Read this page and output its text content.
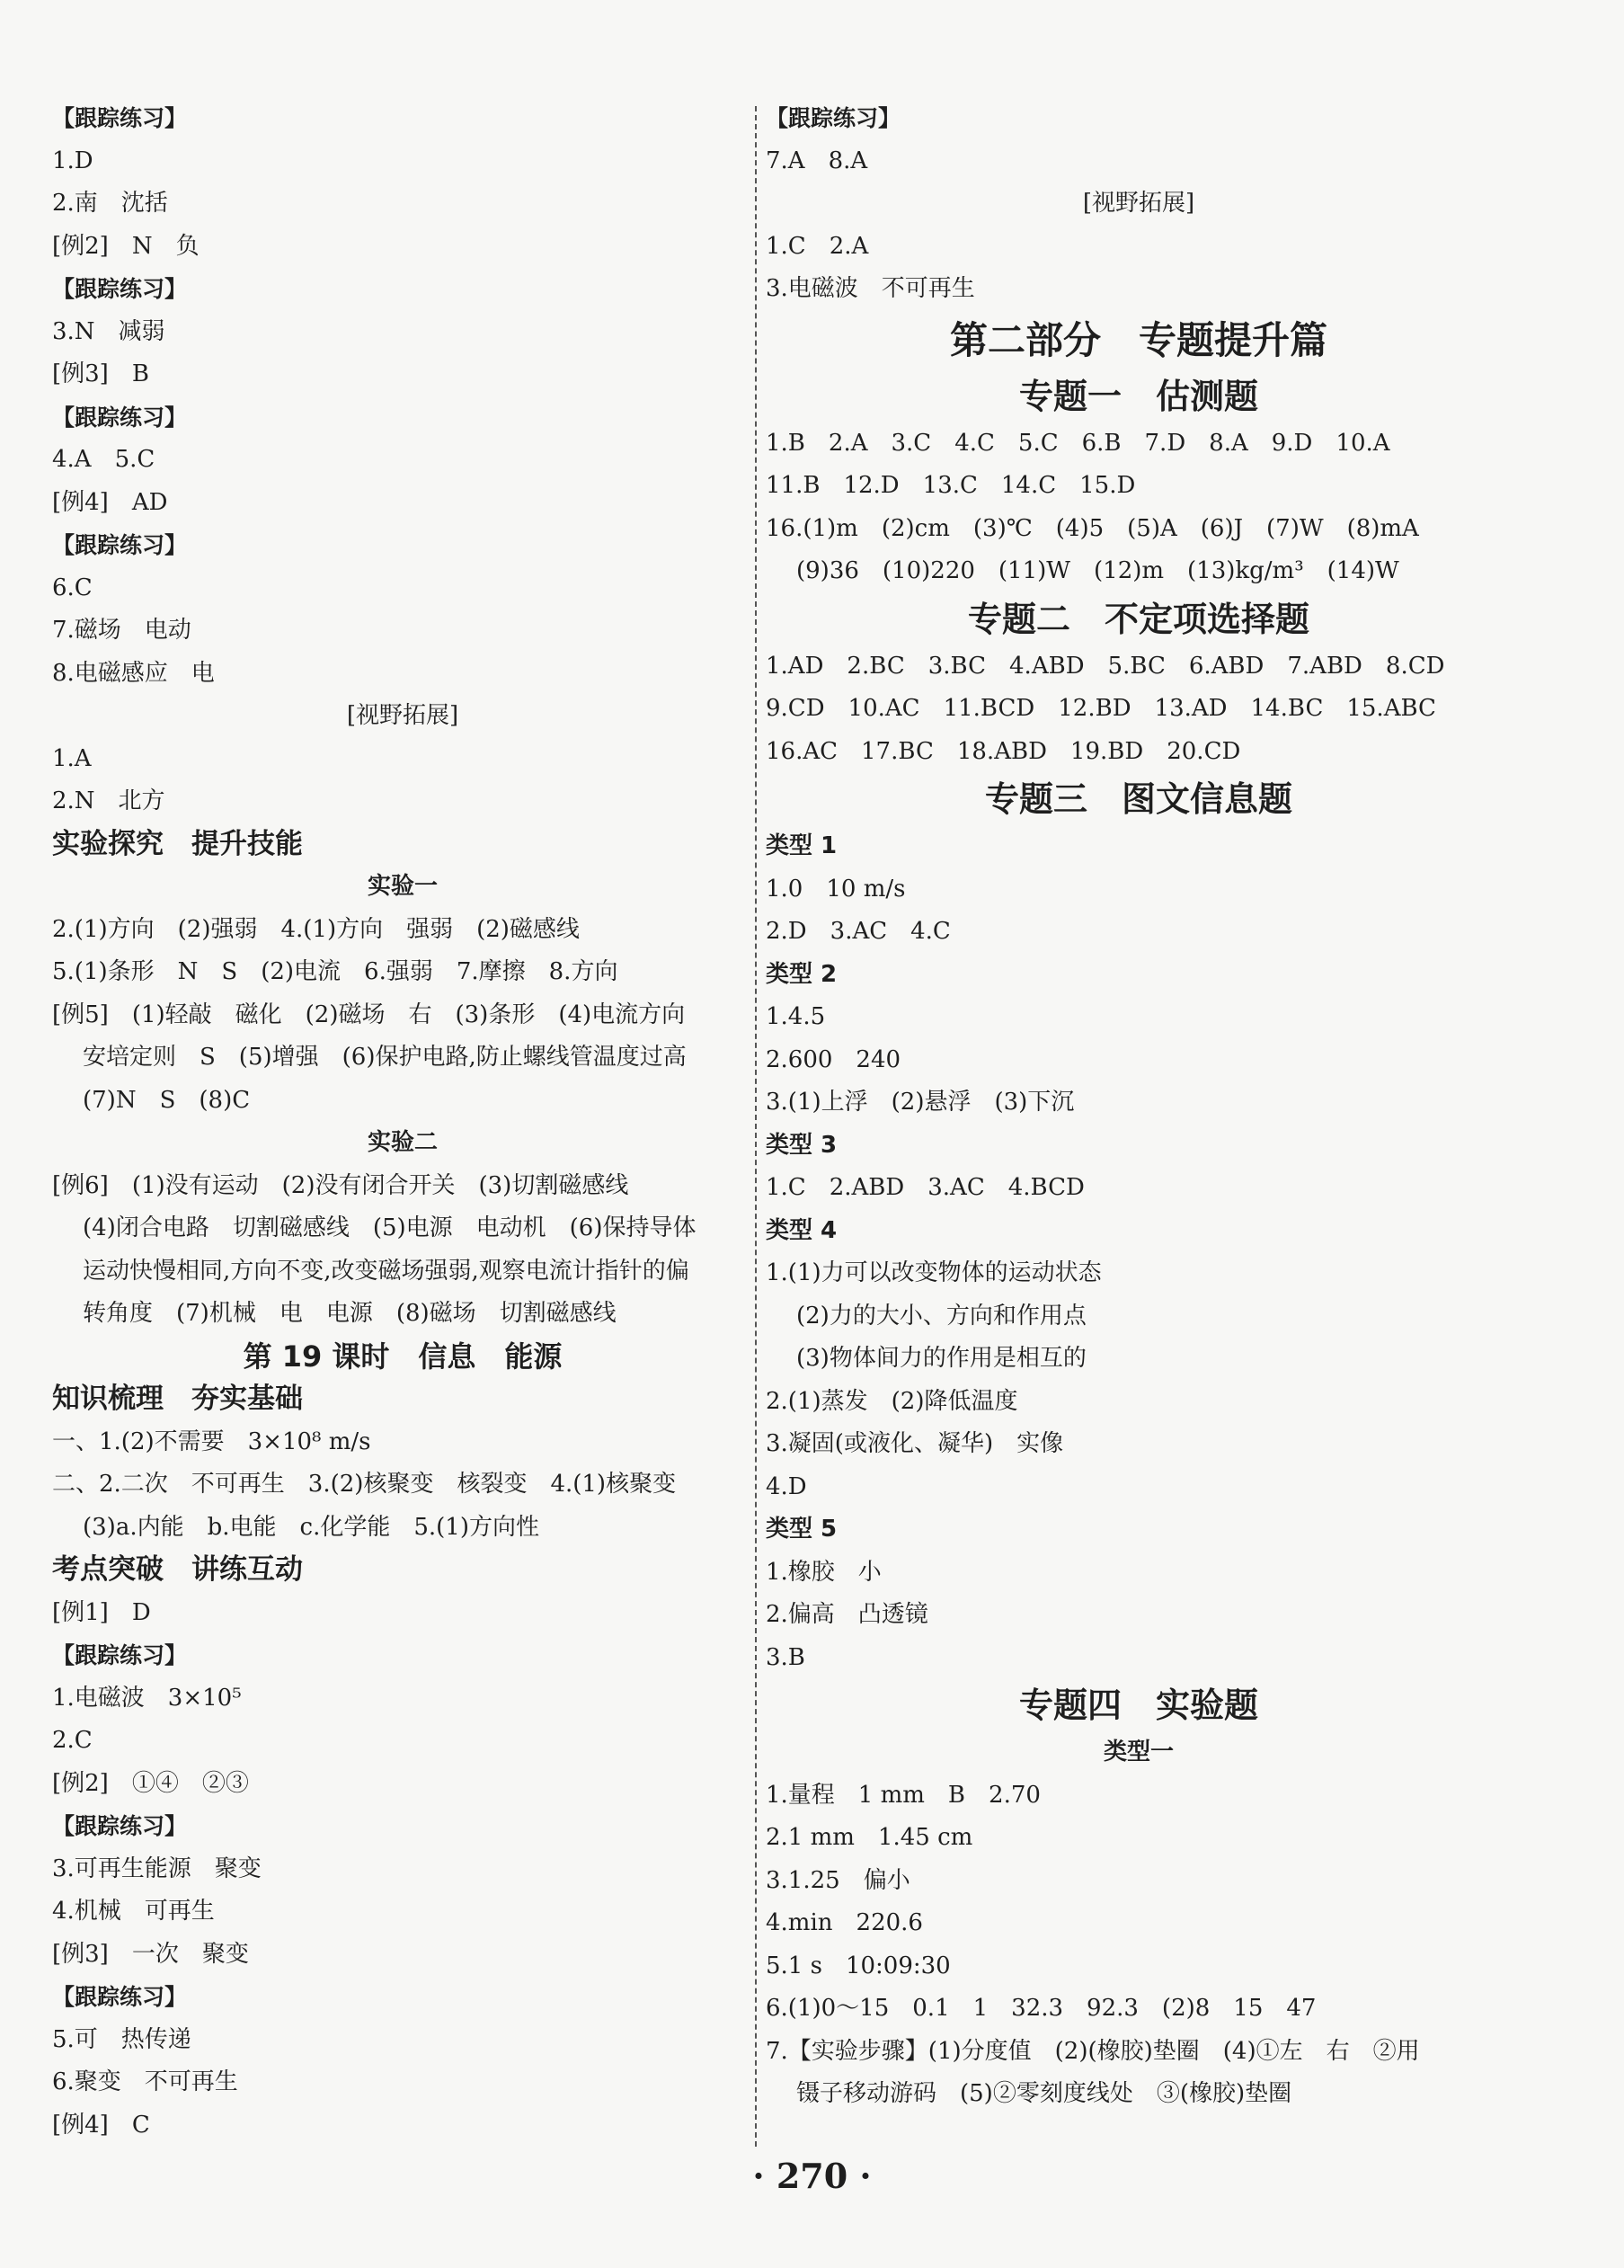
【跟踪练习】
1.D
2.南　沈括
[例2]　N　负
【跟踪练习】
3.N　减弱
[例3]　B
【跟踪练习】
4.A　5.C
[例4]　AD
【跟踪练习】
6.C
7.磁场　电动
8.电磁感应　电
[视野拓展]
1.A
2.N　北方
实验探究　提升技能
实验一
2.(1)方向　(2)强弱　4.(1)方向　强弱　(2)磁感线
5.(1)条形　N　S　(2)电流　6.强弱　7.摩擦　8.方向
[例5]　(1)轻敲　磁化　(2)磁场　右　(3)条形　(4)电流方向
安培定则　S　(5)增强　(6)保护电路,防止螺线管温度过高
(7)N　S　(8)C
实验二
[例6]　(1)没有运动　(2)没有闭合开关　(3)切割磁感线
(4)闭合电路　切割磁感线　(5)电源　电动机　(6)保持导体
运动快慢相同,方向不变,改变磁场强弱,观察电流计指针的偏
转角度　(7)机械　电　电源　(8)磁场　切割磁感线
第 19 课时　信息　能源
知识梳理　夯实基础
一、1.(2)不需要　3×10⁸ m/s
二、2.二次　不可再生　3.(2)核聚变　核裂变　4.(1)核聚变
(3)a.内能　b.电能　c.化学能　5.(1)方向性
考点突破　讲练互动
[例1]　D
【跟踪练习】
1.电磁波　3×10⁵
2.C
[例2]　①④　②③
【跟踪练习】
3.可再生能源　聚变
4.机械　可再生
[例3]　一次　聚变
【跟踪练习】
5.可　热传递
6.聚变　不可再生
[例4]　C
【跟踪练习】
7.A　8.A
[视野拓展]
1.C　2.A
3.电磁波　不可再生
第二部分　专题提升篇
专题一　估测题
1.B　2.A　3.C　4.C　5.C　6.B　7.D　8.A　9.D　10.A
11.B　12.D　13.C　14.C　15.D
16.(1)m　(2)cm　(3)℃　(4)5　(5)A　(6)J　(7)W　(8)mA
(9)36　(10)220　(11)W　(12)m　(13)kg/m³　(14)W
专题二　不定项选择题
1.AD　2.BC　3.BC　4.ABD　5.BC　6.ABD　7.ABD　8.CD
9.CD　10.AC　11.BCD　12.BD　13.AD　14.BC　15.ABC
16.AC　17.BC　18.ABD　19.BD　20.CD
专题三　图文信息题
类型 1
1.0　10 m/s
2.D　3.AC　4.C
类型 2
1.4.5
2.600　240
3.(1)上浮　(2)悬浮　(3)下沉
类型 3
1.C　2.ABD　3.AC　4.BCD
类型 4
1.(1)力可以改变物体的运动状态
(2)力的大小、方向和作用点
(3)物体间力的作用是相互的
2.(1)蒸发　(2)降低温度
3.凝固(或液化、凝华)　实像
4.D
类型 5
1.橡胶　小
2.偏高　凸透镜
3.B
专题四　实验题
类型一
1.量程　1 mm　B　2.70
2.1 mm　1.45 cm
3.1.25　偏小
4.min　220.6
5.1 s　10:09:30
6.(1)0～15　0.1　1　32.3　92.3　(2)8　15　47
7.【实验步骤】(1)分度值　(2)(橡胶)垫圈　(4)①左　右　②用
镊子移动游码　(5)②零刻度线处　③(橡胶)垫圈
· 270 ·
